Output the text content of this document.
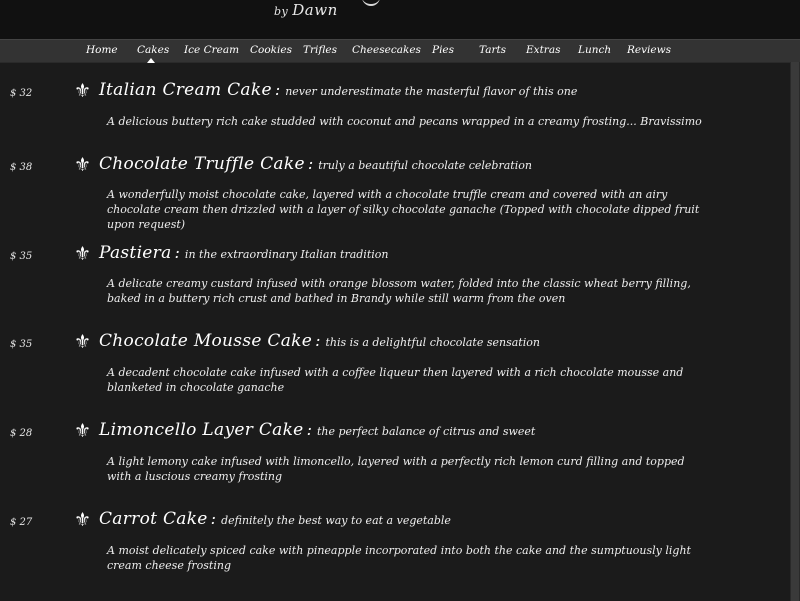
by Dawn
Home Cakes Ice Cream Cookies Trifles Cheesecakes Pies Tarts Extras Lunch Reviews
$ 32 ⚜ Italian Cream Cake : never underestimate the masterful flavor of this one
A delicious buttery rich cake studded with coconut and pecans wrapped in a creamy frosting... Bravissimo
$ 38 ⚜ Chocolate Truffle Cake : truly a beautiful chocolate celebration
A wonderfully moist chocolate cake, layered with a chocolate truffle cream and covered with an airy chocolate cream then drizzled with a layer of silky chocolate ganache (Topped with chocolate dipped fruit upon request)
$ 35 ⚜ Pastiera : in the extraordinary Italian tradition
A delicate creamy custard infused with orange blossom water, folded into the classic wheat berry filling, baked in a buttery rich crust and bathed in Brandy while still warm from the oven
$ 35 ⚜ Chocolate Mousse Cake : this is a delightful chocolate sensation
A decadent chocolate cake infused with a coffee liqueur then layered with a rich chocolate mousse and blanketed in chocolate ganache
$ 28 ⚜ Limoncello Layer Cake : the perfect balance of citrus and sweet
A light lemony cake infused with limoncello, layered with a perfectly rich lemon curd filling and topped with a luscious creamy frosting
$ 27 ⚜ Carrot Cake : definitely the best way to eat a vegetable
A moist delicately spiced cake with pineapple incorporated into both the cake and the sumptuously light cream cheese frosting
